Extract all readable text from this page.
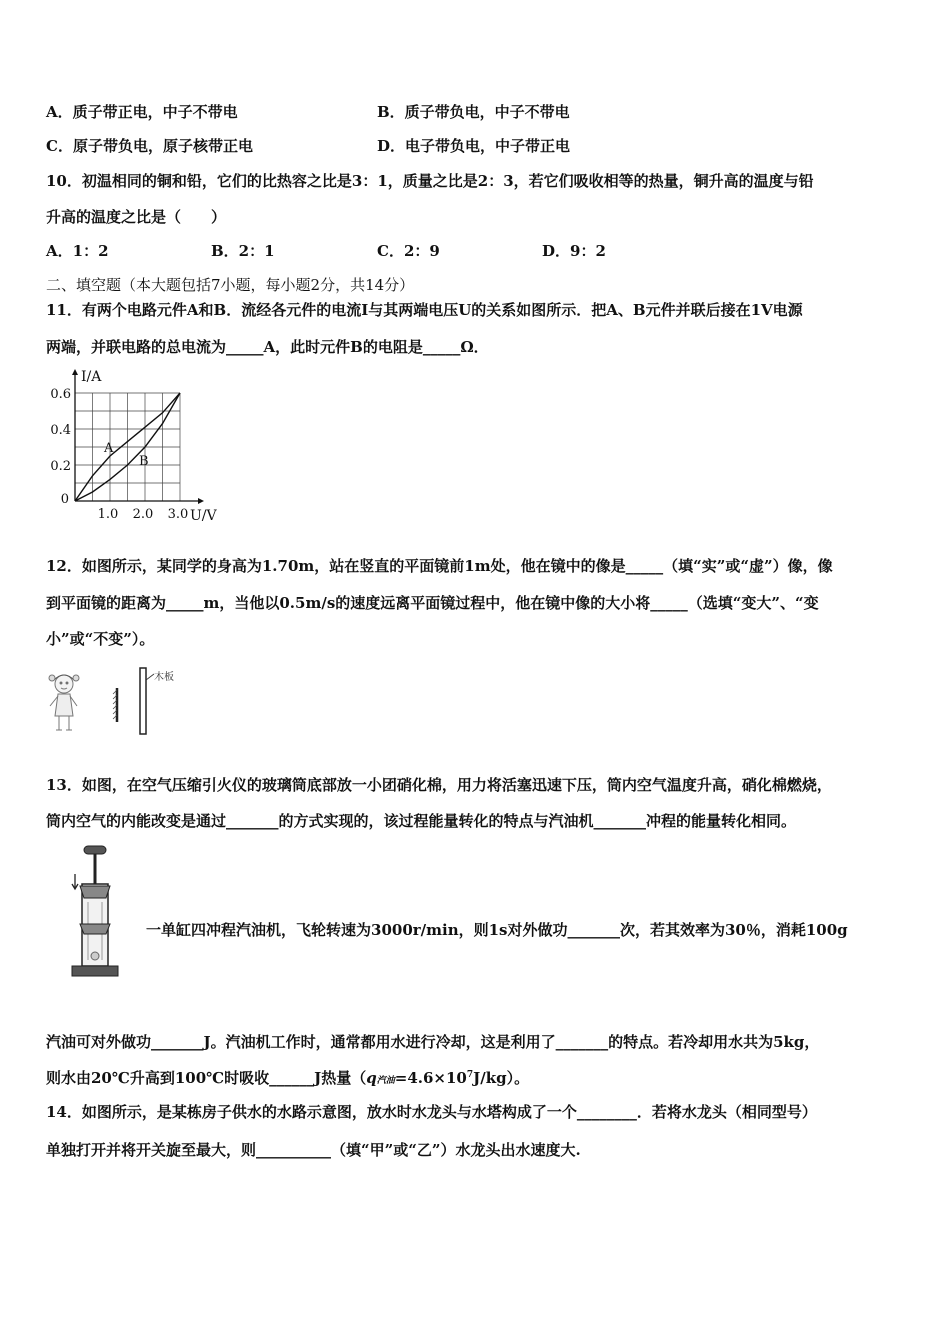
A．质子带正电，中子不带电	B．质子带负电，中子不带电
C．原子带负电，原子核带正电	D．电子带负电，中子带正电
10．初温相同的铜和铅，它们的比热容之比是3：1，质量之比是2：3，若它们吸收相等的热量，铜升高的温度与铅
升高的温度之比是（　　）
A．1：2	B．2：1	C．2：9	D．9：2
二、填空题（本大题包括7小题，每小题2分，共14分）
11．有两个电路元件A和B．流经各元件的电流I与其两端电压U的关系如图所示．把A、B元件并联后接在1V电源
两端，并联电路的总电流为_____A，此时元件B的电阻是_____Ω．
A
B
0.2
0.4
0.6
1.0 2.0 3.0
0
I/A
U/V
12．如图所示，某同学的身高为1.70m，站在竖直的平面镜前1m处，他在镜中的像是_____（填“实”或“虚”）像，像
到平面镜的距离为_____m，当他以0.5m/s的速度远离平面镜过程中，他在镜中像的大小将_____（选填“变大”、“变
小”或“不变”）。
木板
13．如图，在空气压缩引火仪的玻璃筒底部放一小团硝化棉，用力将活塞迅速下压，筒内空气温度升高，硝化棉燃烧，
筒内空气的内能改变是通过_______的方式实现的，该过程能量转化的特点与汽油机_______冲程的能量转化相同。
一单缸四冲程汽油机，飞轮转速为3000r/min，则1s对外做功_______次，若其效率为30％，消耗100g
汽油可对外做功_______J。汽油机工作时，通常都用水进行冷却，这是利用了_______的特点。若冷却用水共为5kg，
则水由20℃升高到100℃时吸收______J热量（q汽油$=4.6\times 10^7J/kg$）。
14．如图所示，是某栋房子供水的水路示意图，放水时水龙头与水塔构成了一个________．若将水龙头（相同型号）
单独打开并将开关旋至最大，则__________（填“甲”或“乙”）水龙头出水速度大.
